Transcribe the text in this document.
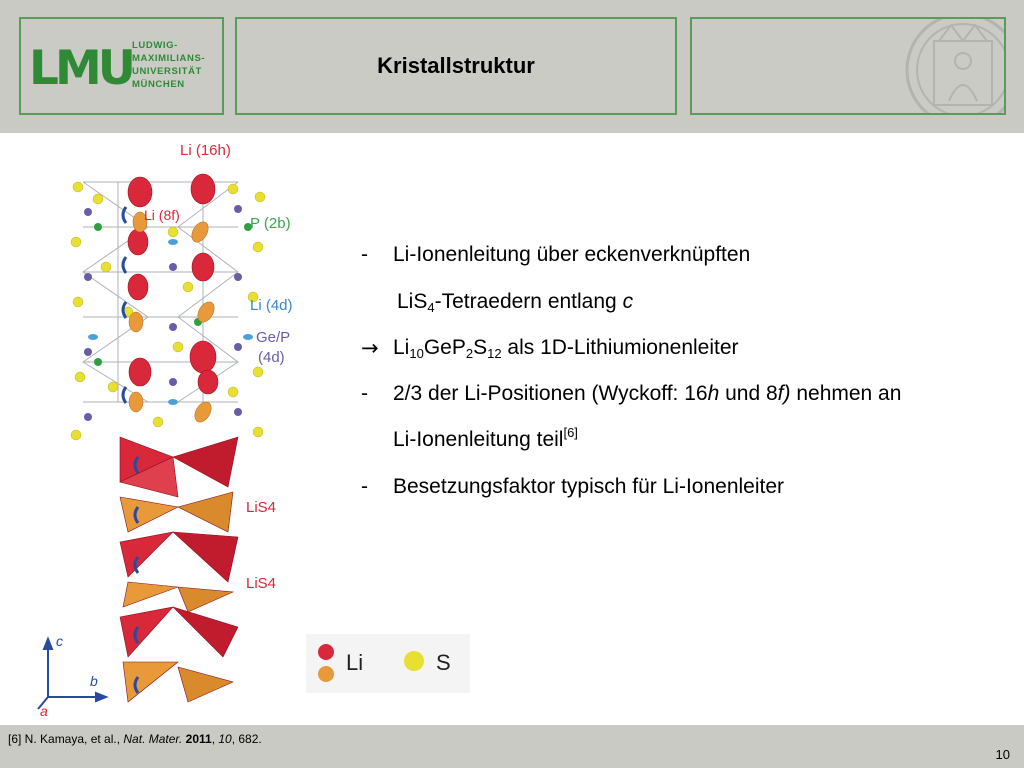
LMU LUDWIG-
MAXIMILIANS-
UNIVERSITÄT
MÜNCHEN
Kristallstruktur
Li (16h)
Li (8f)	P (2b)
Li (4d)
Ge/P
(4d)
LiS4
LiS4
c
b
a
Li	S
- Li-Ionenleitung über eckenverknüpften
LiS$_4$-Tetraedern entlang c
→ $Li_{10}GeP_2S_{12}$ als 1D-Lithiumionenleiter
- 2/3 der Li-Positionen (Wyckoff: 16h und 8f) nehmen an
Li-Ionenleitung teil[6]
- Besetzungsfaktor typisch für Li-Ionenleiter
[6] N. Kamaya, et al., Nat. Mater. 2011, 10, 682.
10
